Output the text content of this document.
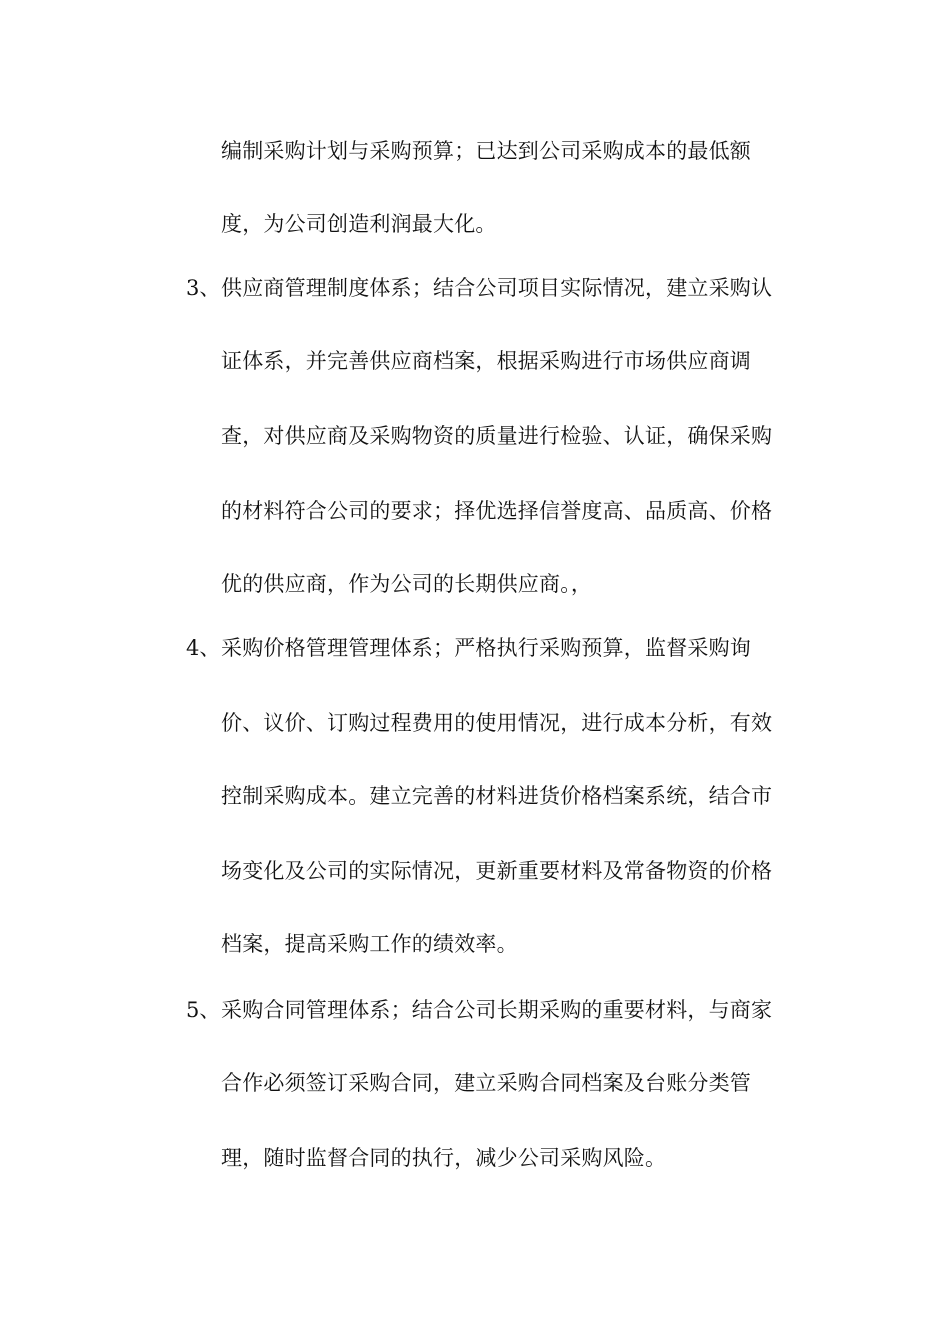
编制采购计划与采购预算；已达到公司采购成本的最低额
度，为公司创造利润最大化。
3、 供应商管理制度体系；结合公司项目实际情况，建立采购认
证体系，并完善供应商档案，根据采购进行市场供应商调
查，对供应商及采购物资的质量进行检验、认证，确保采购
的材料符合公司的要求；择优选择信誉度高、品质高、价格
优的供应商，作为公司的长期供应商。，
4、 采购价格管理管理体系；严格执行采购预算，监督采购询
价、议价、订购过程费用的使用情况，进行成本分析，有效
控制采购成本。建立完善的材料进货价格档案系统，结合市
场变化及公司的实际情况，更新重要材料及常备物资的价格
档案，提高采购工作的绩效率。
5、 采购合同管理体系；结合公司长期采购的重要材料，与商家
合作必须签订采购合同，建立采购合同档案及台账分类管
理，随时监督合同的执行，减少公司采购风险。
